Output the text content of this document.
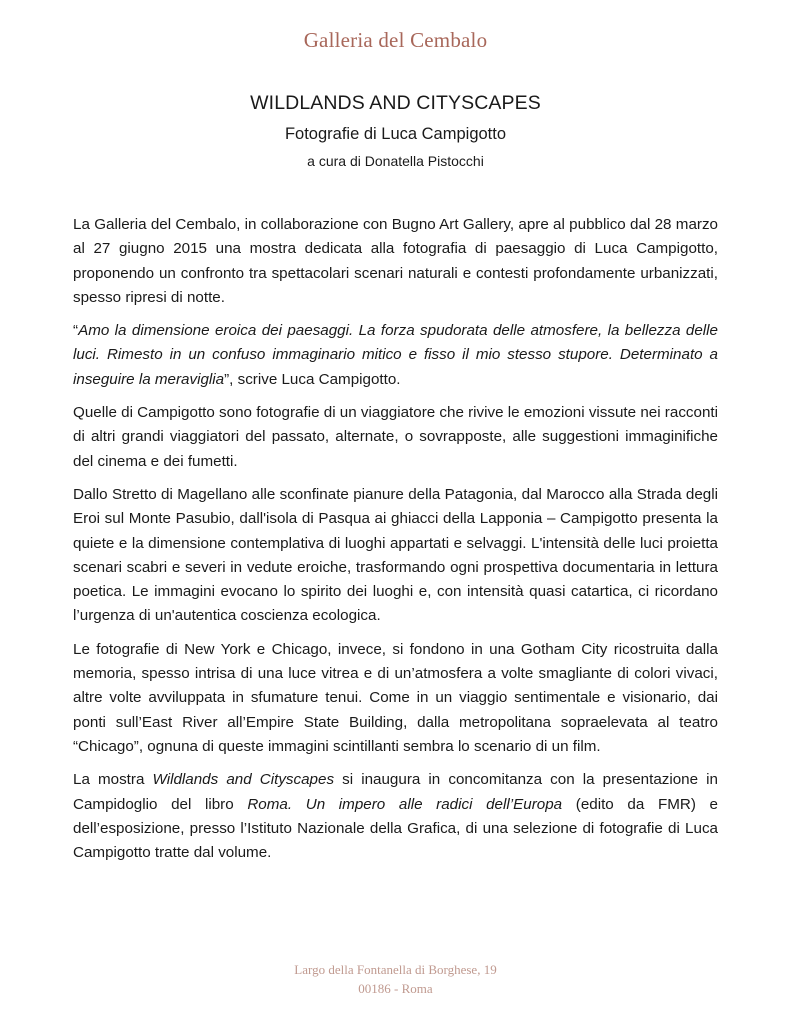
Galleria del Cembalo
WILDLANDS AND CITYSCAPES
Fotografie di Luca Campigotto
a cura di Donatella Pistocchi

La Galleria del Cembalo, in collaborazione con Bugno Art Gallery, apre al pubblico dal 28 marzo al 27 giugno 2015 una mostra dedicata alla fotografia di paesaggio di Luca Campigotto, proponendo un confronto tra spettacolari scenari naturali e contesti profondamente urbanizzati, spesso ripresi di notte.

“Amo la dimensione eroica dei paesaggi. La forza spudorata delle atmosfere, la bellezza delle luci. Rimesto in un confuso immaginario mitico e fisso il mio stesso stupore. Determinato a inseguire la meraviglia”, scrive Luca Campigotto.

Quelle di Campigotto sono fotografie di un viaggiatore che rivive le emozioni vissute nei racconti di altri grandi viaggiatori del passato, alternate, o sovrapposte, alle suggestioni immaginifiche del cinema e dei fumetti.

Dallo Stretto di Magellano alle sconfinate pianure della Patagonia, dal Marocco alla Strada degli Eroi sul Monte Pasubio, dall'isola di Pasqua ai ghiacci della Lapponia – Campigotto presenta la quiete e la dimensione contemplativa di luoghi appartati e selvaggi. L'intensità delle luci proietta scenari scabri e severi in vedute eroiche, trasformando ogni prospettiva documentaria in lettura poetica. Le immagini evocano lo spirito dei luoghi e, con intensità quasi catartica, ci ricordano l’urgenza di un'autentica coscienza ecologica.

Le fotografie di New York e Chicago, invece, si fondono in una Gotham City ricostruita dalla memoria, spesso intrisa di una luce vitrea e di un’atmosfera a volte smagliante di colori vivaci, altre volte avviluppata in sfumature tenui. Come in un viaggio sentimentale e visionario, dai ponti sull’East River all’Empire State Building, dalla metropolitana sopraelevata al teatro “Chicago”, ognuna di queste immagini scintillanti sembra lo scenario di un film.

La mostra Wildlands and Cityscapes si inaugura in concomitanza con la presentazione in Campidoglio del libro Roma. Un impero alle radici dell’Europa (edito da FMR) e dell’esposizione, presso l’Istituto Nazionale della Grafica, di una selezione di fotografie di Luca Campigotto tratte dal volume.

Largo della Fontanella di Borghese, 19
00186 - Roma
